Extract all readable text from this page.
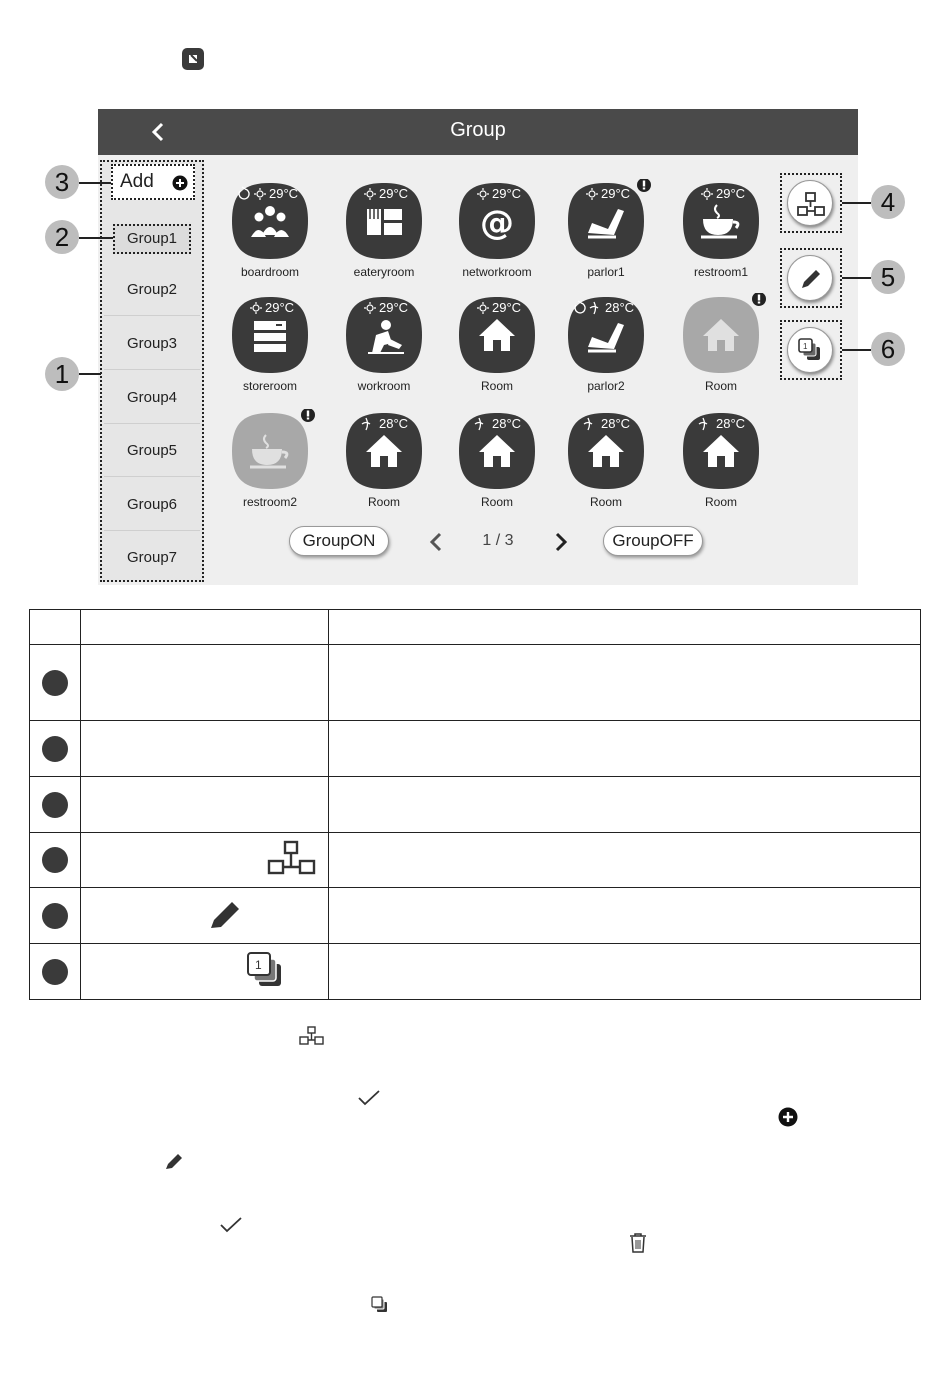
Group
Add
Group1
Group2
Group3
Group4
Group5
Group6
Group7
29°C
boardroom
29°C
eateryroom
@
29°C
networkroom
29°C
parlor1
29°C
restroom1
29°C
storeroom
29°C
workroom
29°C
Room
28°C
parlor2	Room
restroom2
28°C
Room
28°C
Room
28°C
Room
28°C
Room
GroupON	1 / 3	GroupOFF
1
3
2
1
4
5
6

1	
